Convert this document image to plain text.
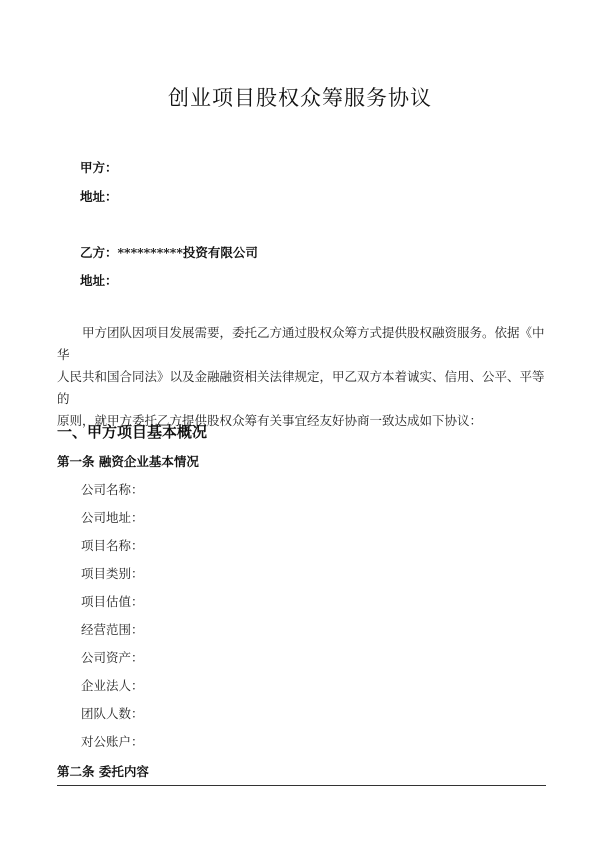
创业项目股权众筹服务协议
甲方：
地址：
乙方：**********投资有限公司
地址：

甲方团队因项目发展需要，委托乙方通过股权众筹方式提供股权融资服务。依据《中华

人民共和国合同法》以及金融融资相关法律规定，甲乙双方本着诚实、信用、公平、平等的

原则，就甲方委托乙方提供股权众筹有关事宜经友好协商一致达成如下协议：

一、甲方项目基本概况
第一条 融资企业基本情况
公司名称：
公司地址：
项目名称：
项目类别：
项目估值：
经营范围：
公司资产：
企业法人：
团队人数：
对公账户：
第二条 委托内容
